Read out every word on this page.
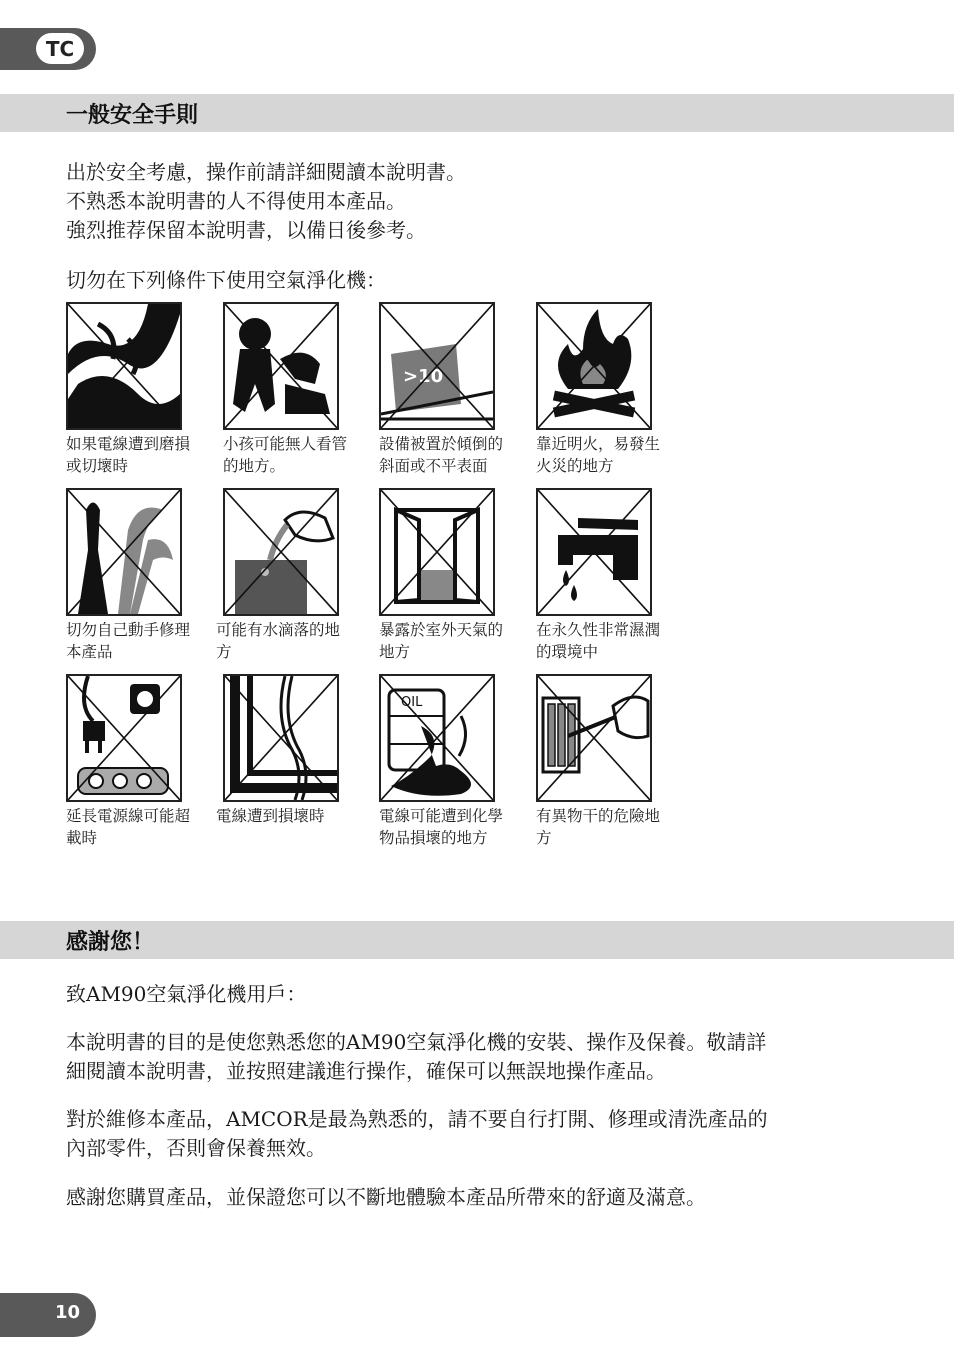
TC
一般安全手則

出於安全考慮，操作前請詳細閱讀本說明書。
不熟悉本說明書的人不得使用本產品。
強烈推荐保留本說明書，以備日後參考。

切勿在下列條件下使用空氣淨化機：

如果電線遭到磨損
或切壞時
小孩可能無人看管
的地方。
>10
設備被置於傾倒的
斜面或不平表面
靠近明火，易發生
火災的地方
切勿自己動手修理
本產品
可能有水滴落的地
方
暴露於室外天氣的
地方
在永久性非常濕潤
的環境中
延長電源線可能超
載時
電線遭到損壞時
OIL
電線可能遭到化學
物品損壞的地方
有異物干的危險地
方
感謝您！

致AM90空氣淨化機用戶：

本說明書的目的是使您熟悉您的AM90空氣淨化機的安裝、操作及保養。敬請詳
細閱讀本說明書，並按照建議進行操作，確保可以無誤地操作產品。

對於維修本產品，AMCOR是最為熟悉的，請不要自行打開、修理或清洗產品的
內部零件，否則會保養無效。

感謝您購買產品，並保證您可以不斷地體驗本產品所帶來的舒適及滿意。

10
